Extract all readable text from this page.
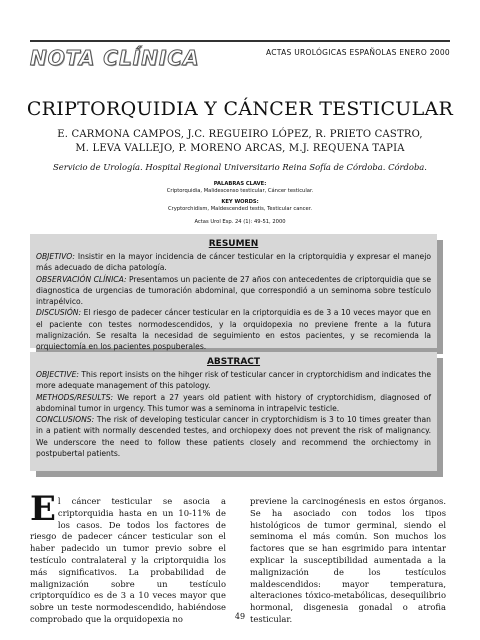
NOTA CLÍNICA	ACTAS UROLÓGICAS ESPAÑOLAS ENERO 2000
CRIPTORQUIDIA Y CÁNCER TESTICULAR
E. CARMONA CAMPOS, J.C. REGUEIRO LÓPEZ, R. PRIETO CASTRO,
M. LEVA VALLEJO, P. MORENO ARCAS, M.J. REQUENA TAPIA
Servicio de Urología. Hospital Regional Universitario Reina Sofía de Córdoba. Córdoba.
PALABRAS CLAVE:
Criptorquidia, Malidescenso testicular, Cáncer testicular.
KEY WORDS:
Cryptorchidism, Maldescended testis, Testicular cancer.
Actas Urol Esp. 24 (1): 49-51, 2000
RESUMEN

OBJETIVO: Insistir en la mayor incidencia de cáncer testicular en la criptorquidia y expresar el manejo más adecuado de dicha patología.

OBSERVACIÓN CLÍNICA: Presentamos un paciente de 27 años con antecedentes de criptorquidia que se diagnostica de urgencias de tumoración abdominal, que correspondió a un seminoma sobre testículo intrapélvico.

DISCUSIÓN: El riesgo de padecer cáncer testicular en la criptorquidia es de 3 a 10 veces mayor que en el paciente con testes normodescendidos, y la orquidopexia no previene frente a la futura malignización. Se resalta la necesidad de seguimiento en estos pacientes, y se recomienda la orquiectomía en los pacientes pospuberales.

ABSTRACT

OBJECTIVE: This report insists on the hihger risk of testicular cancer in cryptorchidism and indicates the more adequate management of this patology.

METHODS/RESULTS: We report a 27 years old patient with history of cryptorchidism, diagnosed of abdominal tumor in urgency. This tumor was a seminoma in intrapelvic testicle.

CONCLUSIONS: The risk of developing testicular cancer in cryptorchidism is 3 to 10 times greater than in a patient with normally descended testes, and orchiopexy does not prevent the risk of malignancy. We underscore the need to follow these patients closely and recommend the orchiectomy in postpubertal patients.

El cáncer testicular se asocia a criptorquidia hasta en un 10-11% de los casos. De todos los factores de riesgo de padecer cáncer testicular son el haber padecido un tumor previo sobre el testículo contralateral y la criptorquidia los más significativos. La probabilidad de malignización sobre un testículo criptorquídico es de 3 a 10 veces mayor que sobre un teste normodescendido, habiéndose comprobado que la orquidopexia no
previene la carcinogénesis en estos órganos. Se ha asociado con todos los tipos histológicos de tumor germinal, siendo el seminoma el más común. Son muchos los factores que se han esgrimido para intentar explicar la susceptibilidad aumentada a la malignización de los testículos maldescendidos: mayor temperatura, alteraciones tóxico-metabólicas, desequilibrio hormonal, disgenesia gonadal o atrofia testicular.
49
